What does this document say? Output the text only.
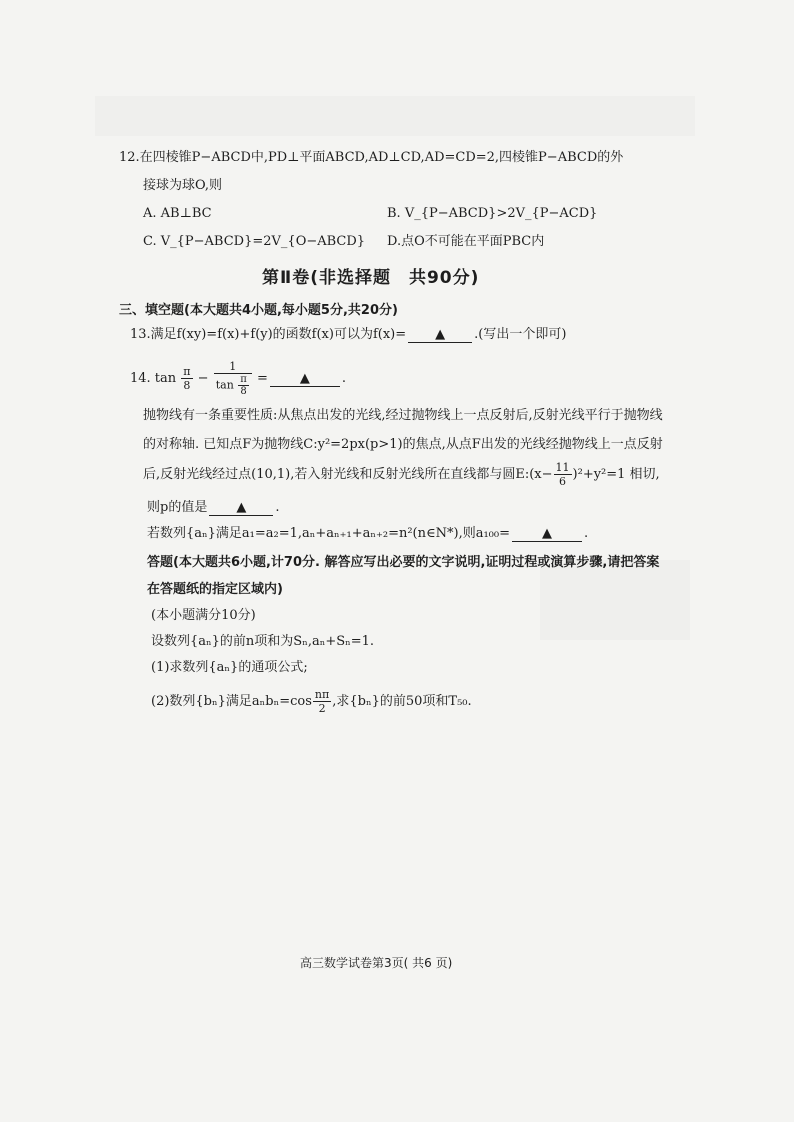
12.在四棱锥P−ABCD中,PD⊥平面ABCD,AD⊥CD,AD=CD=2,四棱锥P−ABCD的外
接球为球O,则
A. AB⊥BC	B. V_{P−ABCD}>2V_{P−ACD}
C. V_{P−ABCD}=2V_{O−ABCD} D.点O不可能在平面PBC内
第Ⅱ卷(非选择题　共90分)
三、填空题(本大题共4小题,每小题5分,共20分)
13.满足f(xy)=f(x)+f(y)的函数f(x)可以为f(x)= ▲ .(写出一个即可)
14. $\tan \frac{\pi}{8} - \frac{1}{\tan \frac{\pi}{8}}$ = ▲ .
抛物线有一条重要性质:从焦点出发的光线,经过抛物线上一点反射后,反射光线平行于抛物线
的对称轴. 已知点F为抛物线C:y²=2px(p>1)的焦点,从点F出发的光线经抛物线上一点反射
后,反射光线经过点(10,1),若入射光线和反射光线所在直线都与圆E:(x− $\frac{11}{6} )^2+y^2=1$ 相切,
则p的值是 ▲ .
若数列{aₙ}满足a₁=a₂=1,aₙ+aₙ₊₁+aₙ₊₂=n²(n∈N*),则a₁₀₀= ▲ .
答题(本大题共6小题,计70分. 解答应写出必要的文字说明,证明过程或演算步骤,请把答案
在答题纸的指定区域内)
(本小题满分10分)
设数列{aₙ}的前n项和为Sₙ,aₙ+Sₙ=1.
(1)求数列{aₙ}的通项公式;
(2)数列{bₙ}满足$a_nb_n=\cos \frac{n\pi}{2}$ ,求{bₙ}的前50项和T₅₀.
高三数学试卷第3页( 共6 页)
